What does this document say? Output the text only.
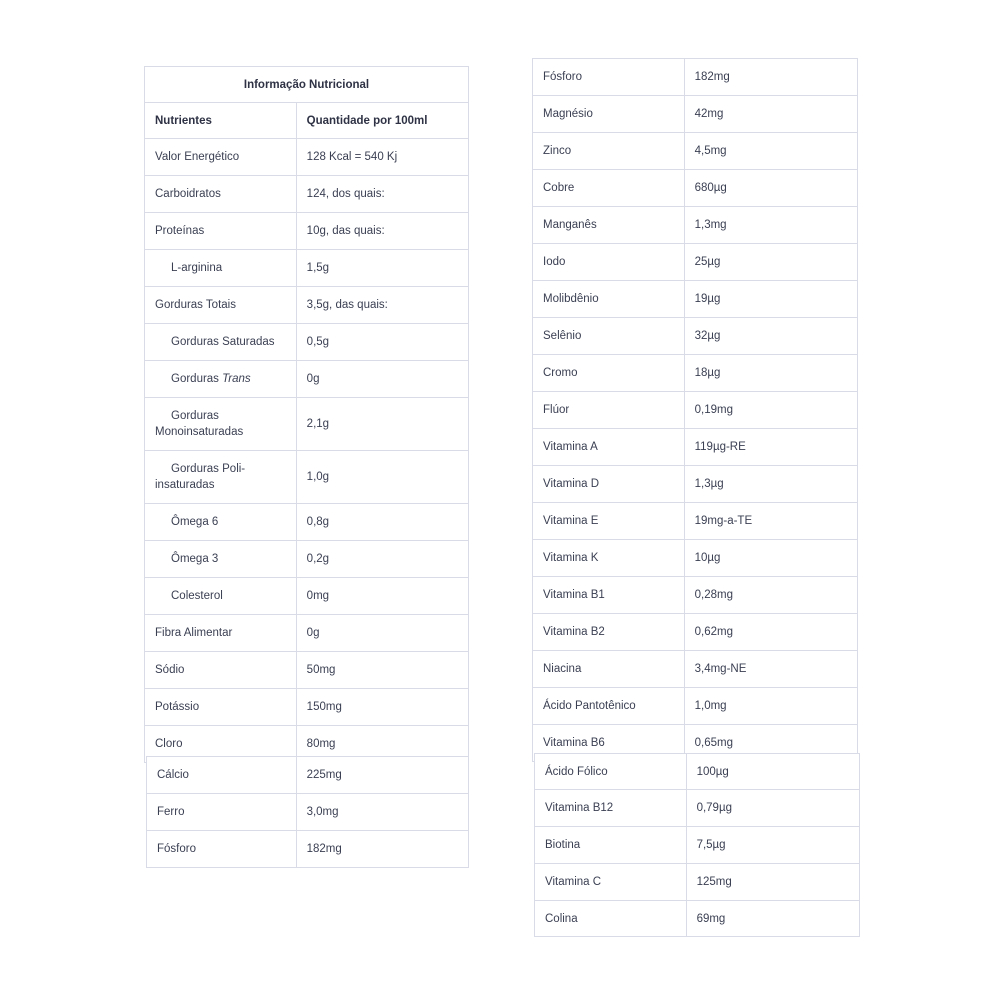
Informação Nutricional	
Nutrientes	Quantidade por 100ml
Valor Energético	128 Kcal = 540 Kj
Carboidratos	124, dos quais:
Proteínas	10g, das quais:
L-arginina	1,5g
Gorduras Totais	3,5g, das quais:
Gorduras Saturadas	0,5g
Gorduras Trans	0g

Gorduras
Monoinsaturadas	2,1g

Gorduras Poli-
insaturadas	1,0g
Ômega 6	0,8g
Ômega 3	0,2g
Colesterol	0mg
Fibra Alimentar	0g
Sódio	50mg
Potássio	150mg
Cloro	80mg
Cálcio	225mg
Ferro	3,0mg
Fósforo	182mg
Fósforo	182mg
Magnésio	42mg
Zinco	4,5mg
Cobre	680µg
Manganês	1,3mg
Iodo	25µg
Molibdênio	19µg
Selênio	32µg
Cromo	18µg
Flúor	0,19mg
Vitamina A	119µg-RE
Vitamina D	1,3µg
Vitamina E	19mg-a-TE
Vitamina K	10µg
Vitamina B1	0,28mg
Vitamina B2	0,62mg
Niacina	3,4mg-NE
Ácido Pantotênico	1,0mg
Vitamina B6	0,65mg
Ácido Fólico	100µg
Vitamina B12	0,79µg
Biotina	7,5µg
Vitamina C	125mg
Colina	69mg
